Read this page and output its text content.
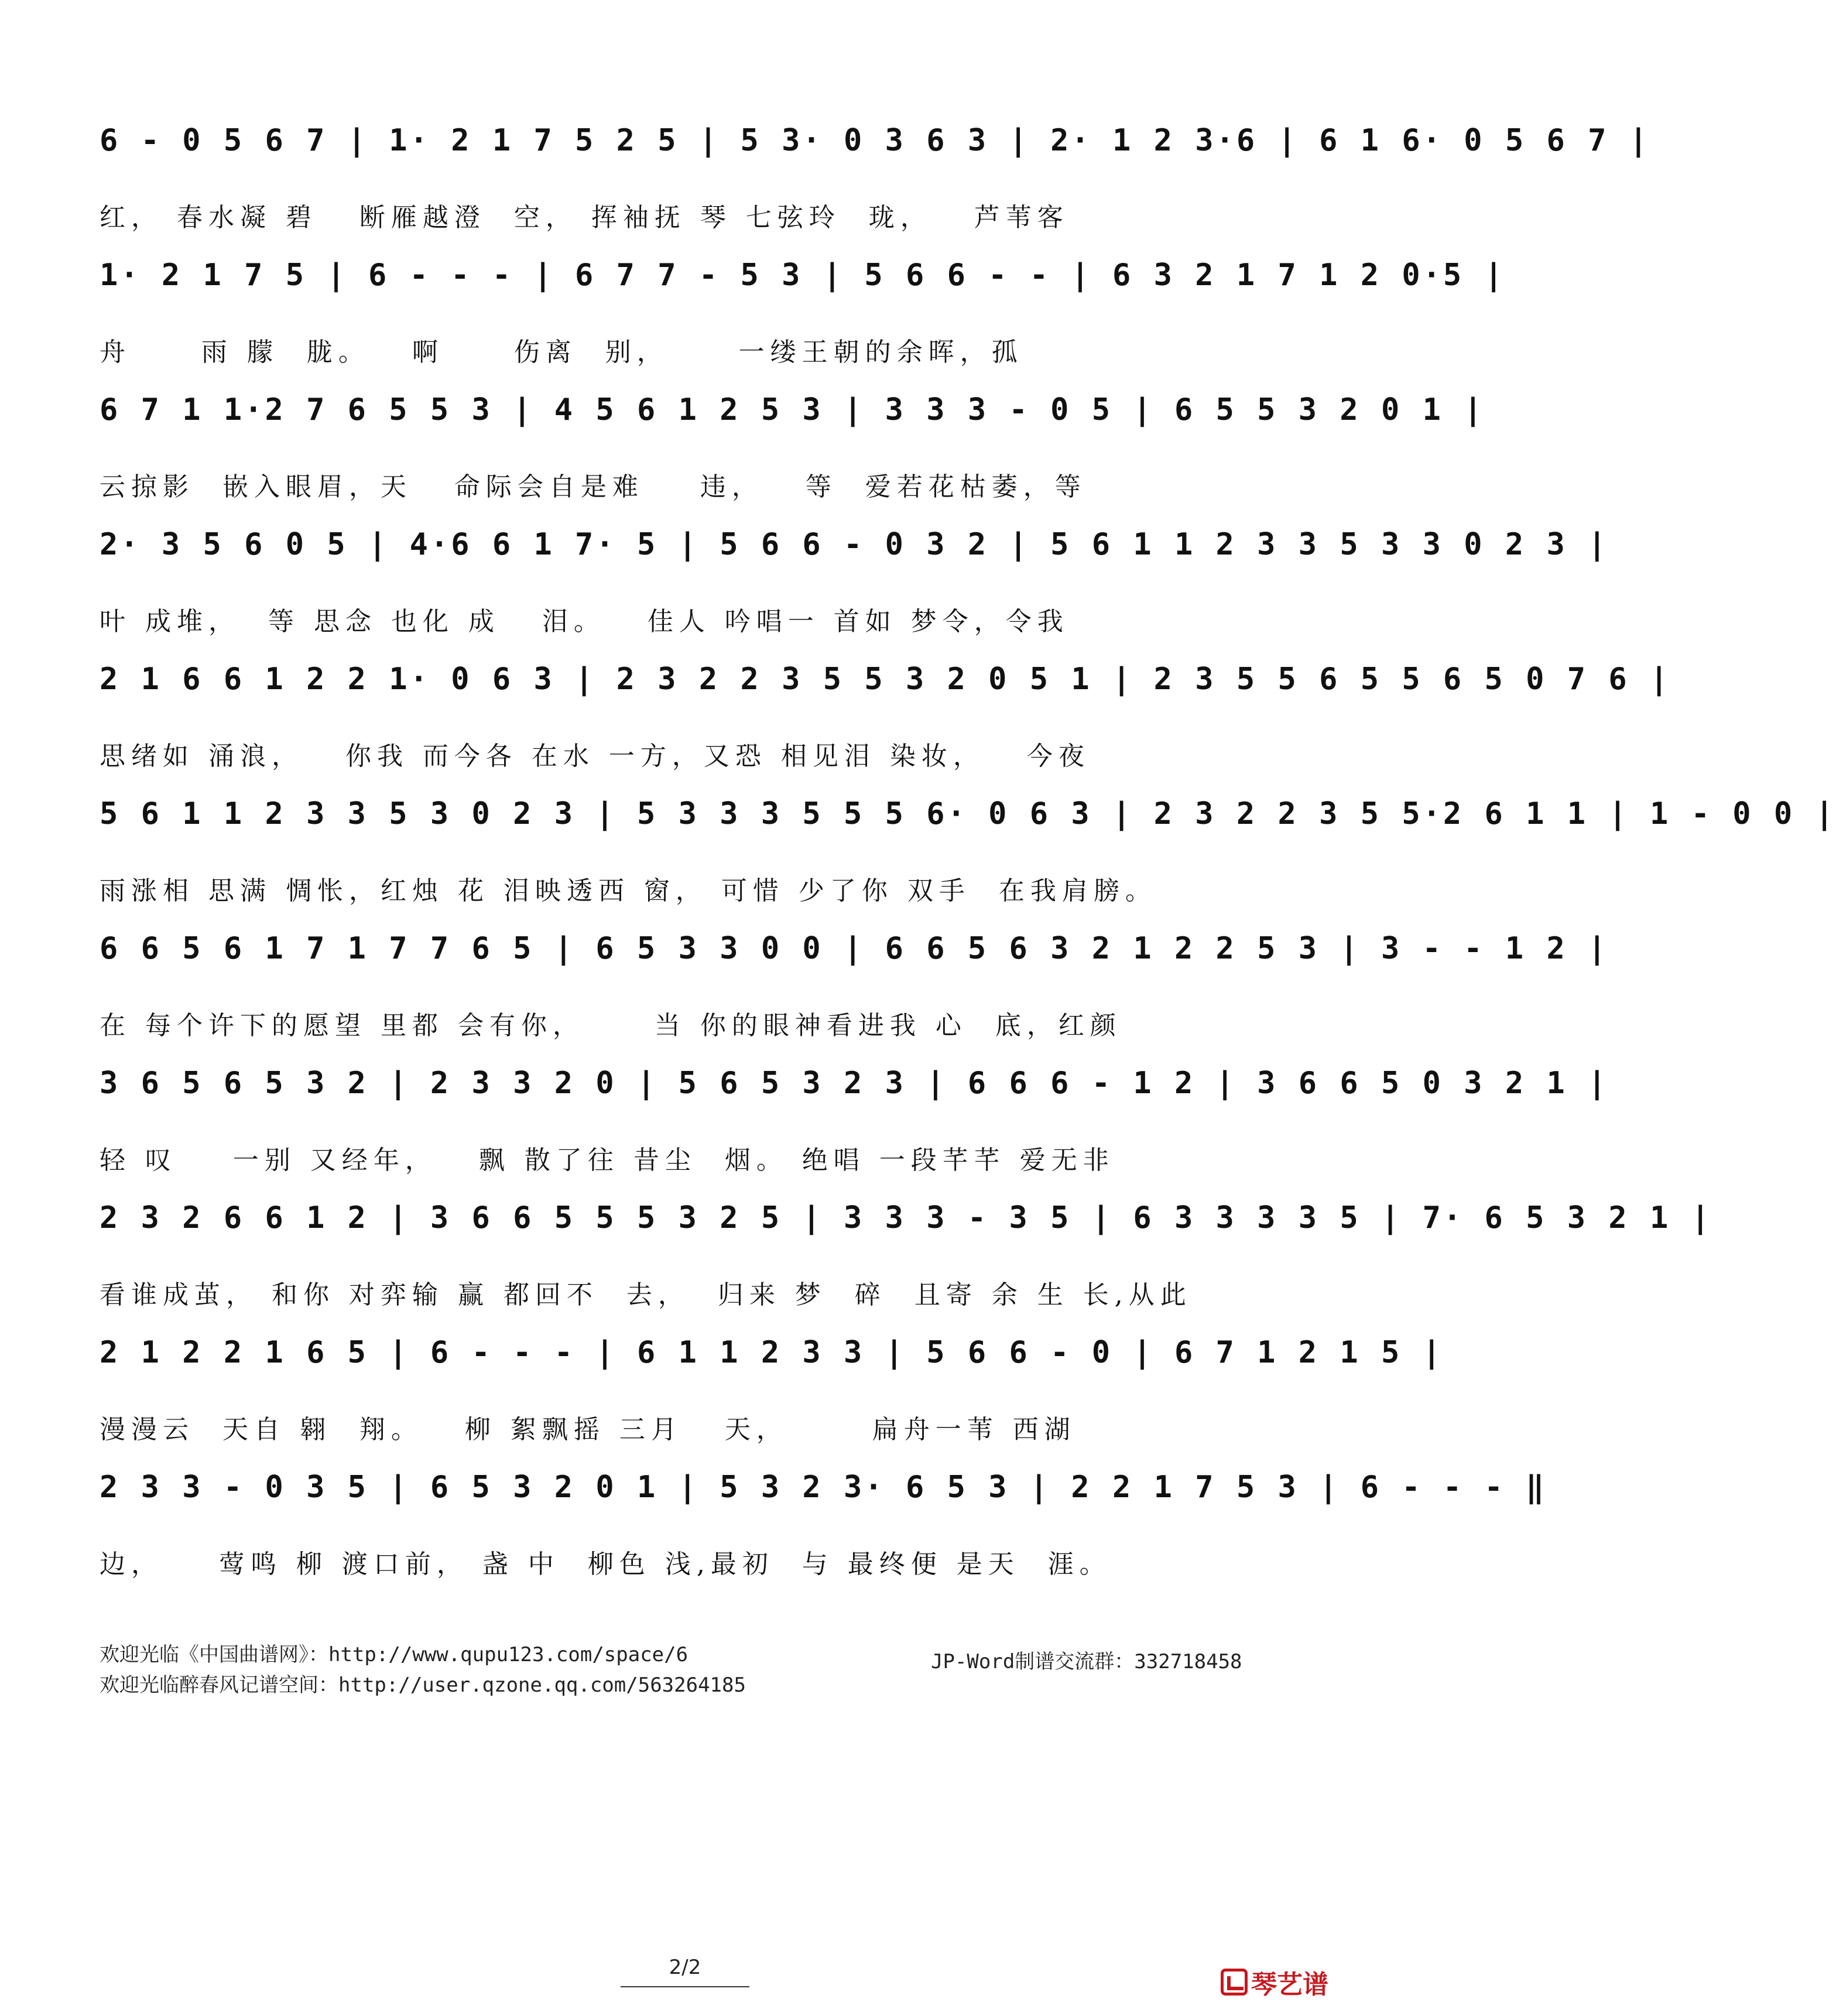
6 - 0 5 6 7 | 1· 2 1 7 5 2 5 | 5 3· 0 3 6 3 | 2· 1 2 3·6 | 6 1 6· 0 5 6 7 |
红， 春水凝 碧   断雁越澄  空， 挥袖抚 琴 七弦玲  珑，   芦苇客
1· 2 1 7 5 | 6 - - - | 6 7 7 - 5 3 | 5 6 6 - - | 6 3 2 1 7 1 2 0·5 |
舟     雨 朦  胧。   啊     伤离  别，     一缕王朝的余晖，孤
6 7 1 1·2 7 6 5 5 3 | 4 5 6 1 2 5 3 | 3 3 3 - 0 5 | 6 5 5 3 2 0 1 |
云掠影  嵌入眼眉，天   命际会自是难    违，   等  爱若花枯萎，等
2· 3 5 6 0 5 | 4·6 6 1 7· 5 | 5 6 6 - 0 3 2 | 5 6 1 1 2 3 3 5 3 3 0 2 3 |
叶 成堆，  等 思念 也化 成   泪。   佳人 吟唱一 首如 梦令，令我
2 1 6 6 1 2 2 1· 0 6 3 | 2 3 2 2 3 5 5 3 2 0 5 1 | 2 3 5 5 6 5 5 6 5 0 7 6 |
思绪如 涌浪，   你我 而今各 在水 一方，又恐 相见泪 染妆，   今夜
5 6 1 1 2 3 3 5 3 0 2 3 | 5 3 3 3 5 5 5 6· 0 6 3 | 2 3 2 2 3 5 5·2 6 1 1 | 1 - 0 0 |
雨涨相 思满 惆怅，红烛 花 泪映透西 窗， 可惜 少了你 双手  在我肩膀。
6 6 5 6 1 7 1 7 7 6 5 | 6 5 3 3 0 0 | 6 6 5 6 3 2 1 2 2 5 3 | 3 - - 1 2 |
在 每个许下的愿望 里都 会有你，     当 你的眼神看进我 心  底，红颜
3 6 5 6 5 3 2 | 2 3 3 2 0 | 5 6 5 3 2 3 | 6 6 6 - 1 2 | 3 6 6 5 0 3 2 1 |
轻 叹    一别 又经年，   飘 散了往 昔尘  烟。 绝唱 一段芊芊 爱无非
2 3 2 6 6 1 2 | 3 6 6 5 5 5 3 2 5 | 3 3 3 - 3 5 | 6 3 3 3 3 5 | 7· 6 5 3 2 1 |
看谁成茧， 和你 对弈输 赢 都回不  去，  归来 梦  碎  且寄 余 生 长,从此
2 1 2 2 1 6 5 | 6 - - - | 6 1 1 2 3 3 | 5 6 6 - 0 | 6 7 1 2 1 5 |
漫漫云  天自 翱  翔。   柳 絮飘摇 三月   天，      扁舟一苇 西湖
2 3 3 - 0 3 5 | 6 5 3 2 0 1 | 5 3 2 3· 6 5 3 | 2 2 1 7 5 3 | 6 - - - ‖
边，    莺鸣 柳 渡口前， 盏 中  柳色 浅,最初  与 最终便 是天  涯。
欢迎光临《中国曲谱网》：http://www.qupu123.com/space/6
欢迎光临醉春风记谱空间：http://user.qzone.qq.com/563264185
JP-Word制谱交流群：332718458
2/2
琴艺谱
